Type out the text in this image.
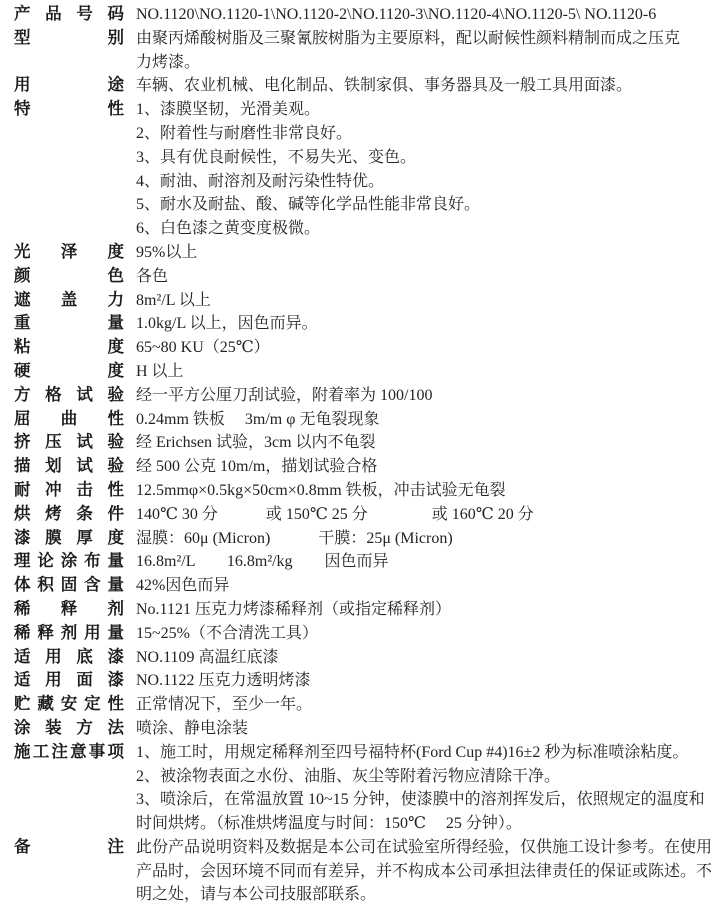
产品号码 NO.1120\NO.1120-1\NO.1120-2\NO.1120-3\NO.1120-4\NO.1120-5\ NO.1120-6
型别 由聚丙烯酸树脂及三聚氰胺树脂为主要原料，配以耐候性颜料精制而成之压克
力烤漆。
用途 车辆、农业机械、电化制品、铁制家俱、事务器具及一般工具用面漆。
特性 1、漆膜坚韧，光滑美观。
2、附着性与耐磨性非常良好。
3、具有优良耐候性，不易失光、变色。
4、耐油、耐溶剂及耐污染性特优。
5、耐水及耐盐、酸、碱等化学品性能非常良好。
6、白色漆之黄变度极微。
光泽度 95%以上
颜色 各色
遮盖力 8m²/L 以上
重量 1.0kg/L 以上，因色而异。
粘度 65~80 KU（25℃）
硬度 H 以上
方格试验 经一平方公厘刀刮试验，附着率为 100/100
屈曲性 0.24mm 铁板　 3m/m φ 无龟裂现象
挤压试验 经 Erichsen 试验，3cm 以内不龟裂
描划试验 经 500 公克 10m/m，描划试验合格
耐冲击性 12.5mmφ×0.5kg×50cm×0.8mm 铁板，冲击试验无龟裂
烘烤条件 140℃ 30 分　　　或 150℃ 25 分　　　　或 160℃ 20 分
漆膜厚度 湿膜：60μ (Micron)　　　干膜：25μ (Micron)
理论涂布量 16.8m²/L　　16.8m²/kg　　因色而异
体积固含量 42%因色而异
稀释剂 No.1121 压克力烤漆稀释剂（或指定稀释剂）
稀释剂用量 15~25%（不合清洗工具）
适用底漆 NO.1109 高温红底漆
适用面漆 NO.1122 压克力透明烤漆
贮藏安定性 正常情况下，至少一年。
涂装方法 喷涂、静电涂装
施工注意事项 1、施工时，用规定稀释剂至四号福特杯(Ford Cup #4)16±2 秒为标准喷涂粘度。
2、被涂物表面之水份、油脂、灰尘等附着污物应清除干净。
3、喷涂后，在常温放置 10~15 分钟，使漆膜中的溶剂挥发后，依照规定的温度和
时间烘烤。（标准烘烤温度与时间：150℃　 25 分钟）。
备注 此份产品说明资料及数据是本公司在试验室所得经验，仅供施工设计参考。在使用
产品时，会因环境不同而有差异，并不构成本公司承担法律责任的保证或陈述。不
明之处，请与本公司技服部联系。
